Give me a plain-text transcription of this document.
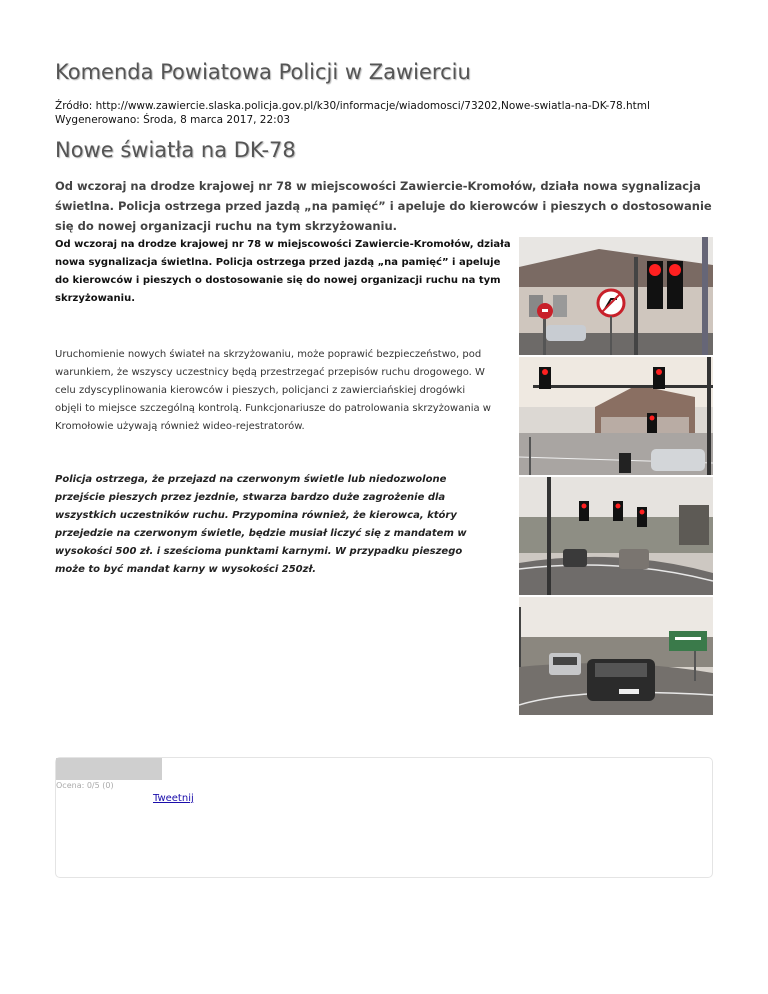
Komenda Powiatowa Policji w Zawierciu
Źródło: http://www.zawiercie.slaska.policja.gov.pl/k30/informacje/wiadomosci/73202,Nowe-swiatla-na-DK-78.html
Wygenerowano: Środa, 8 marca 2017, 22:03
Nowe światła na DK-78

Od wczoraj na drodze krajowej nr 78 w miejscowości Zawiercie-Kromołów, działa nowa sygnalizacja świetlna. Policja ostrzega przed jazdą „na pamięć” i apeluje do kierowców i pieszych o dostosowanie się do nowej organizacji ruchu na tym skrzyżowaniu.

Od wczoraj na drodze krajowej nr 78 w miejscowości Zawiercie-Kromołów, działa nowa sygnalizacja świetlna. Policja ostrzega przed jazdą „na pamięć” i apeluje do kierowców i pieszych o dostosowanie się do nowej organizacji ruchu na tym skrzyżowaniu.

Uruchomienie nowych świateł na skrzyżowaniu, może poprawić bezpieczeństwo, pod warunkiem, że wszyscy uczestnicy będą przestrzegać przepisów ruchu drogowego. W celu zdyscyplinowania kierowców i pieszych, policjanci z zawierciańskiej drogówki objęli to miejsce szczególną kontrolą. Funkcjonariusze do patrolowania skrzyżowania w Kromołowie używają również wideo-rejestratorów.

Policja ostrzega, że przejazd na czerwonym świetle lub niedozwolone przejście pieszych przez jezdnie, stwarza bardzo duże zagrożenie dla wszystkich uczestników ruchu. Przypomina również, że kierowca, który przejedzie na czerwonym świetle, będzie musiał liczyć się z mandatem w wysokości 500 zł. i sześcioma punktami karnymi. W przypadku pieszego może to być mandat karny w wysokości 250zł.

Ocena: 0/5 (0)
Tweetnij
